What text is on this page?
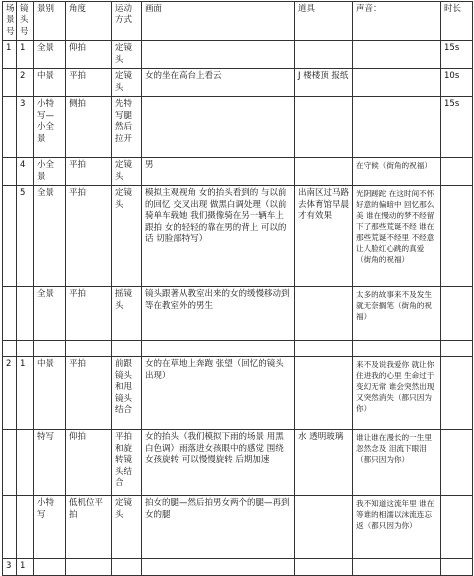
场景号	镜头号	景别	角度	运动方式	画面	道具	声音：	时长
1	1	全景	仰拍	定镜头				15s
	2	中景	平拍	定镜头	女的坐在高台上看云	J 楼楼顶 报纸		10s
	3	小特写—小全景	侧拍	先特写腿然后拉开				15s
	4	小全景	平拍	定镜头	男		在守候（街角的祝福）	
	5	全景	平拍	定镜头	模拟主观视角 女的抬头看到的 与以前的回忆 交叉出现 做黑白调处理（以前骑单车载她 我们摄像骑在另一辆车上跟拍 女的轻轻的靠在男的背上 可以的话 切脸部特写）	出南区过马路去体育馆早晨才有效果	光阴蹉跎 在这时间不怀好意的偏暗中 回忆那么美 谁在慢动的梦不经留下了那些荒诞不经 谁在那些荒诞不经里 不经意让人脸红心跳的真爱（街角的祝福）	
		全景	平拍	摇镜头	镜头跟著从教室出来的女的缓慢移动到等在教室外的男生		太多的故事来不及发生 就无奈搁笔（街角的祝福）	

2	1	中景	平拍	前跟镜头和甩镜头结合	女的在草地上奔跑 张望（回忆的镜头出现）		来不及说我爱你 就让你住进我的心里 生命过于变幻无常 谁会突然出现 又突然消失（都只因为你）	
		特写	仰拍	平拍和旋转镜头结合	女的抬头（我们模拟下雨的场景 用黑白色调）雨落进女孩眼中的感觉 围绕女孩旋转 可以慢慢旋转 后期加速	水 透明玻璃	谁让谁在漫长的一生里 忽然念及 泪流下眼泪（都只因为你）	
		小特写	低机位平拍	定镜头	拍女的腿—然后拍男女两个的腿—再到女的腿		我不知道这流年里 谁在等谁的相濡以沫流连忘返（都只因为你）	
3	1							
